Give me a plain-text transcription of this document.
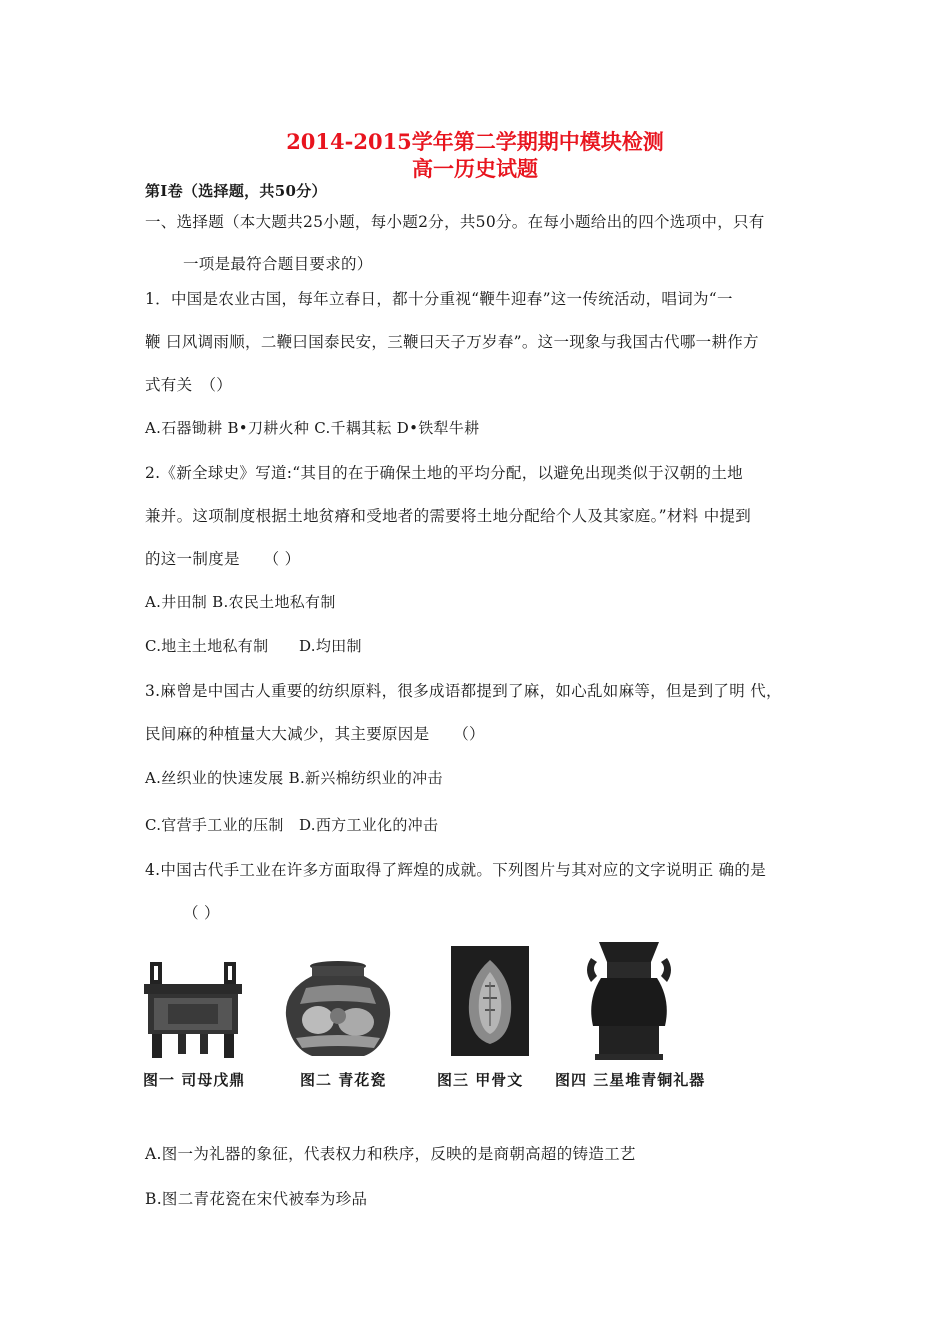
2014-2015学年第二学期期中模块检测
高一历史试题
第Ⅰ卷（选择题，共50分）
一、选择题（本大题共25小题，每小题2分，共50分。在每小题给出的四个选项中，只有
一项是最符合题目要求的）
1．中国是农业古国，每年立春日，都十分重视“鞭牛迎春”这一传统活动，唱词为“一
鞭 曰风调雨顺，二鞭曰国泰民安，三鞭曰天子万岁春”。这一现象与我国古代哪一耕作方
式有关　（）
A.石器锄耕 B•刀耕火种 C.千耦其耘 D•铁犁牛耕
2.《新全球史》写道:“其目的在于确保土地的平均分配，以避免出现类似于汉朝的土地
兼并。这项制度根据土地贫瘠和受地者的需要将土地分配给个人及其家庭。”材料 中提到
的这一制度是　　（ ）
A.井田制 B.农民土地私有制
C.地主土地私有制　　D.均田制
3.麻曾是中国古人重要的纺织原料，很多成语都提到了麻，如心乱如麻等，但是到了明 代，
民间麻的种植量大大减少，其主要原因是　　（）
A.丝织业的快速发展 B.新兴棉纺织业的冲击
C.官营手工业的压制　D.西方工业化的冲击
4.中国古代手工业在许多方面取得了辉煌的成就。下列图片与其对应的文字说明正 确的是
（ ）
图一 司母戊鼎	图二 青花瓷	图三 甲骨文 图四 三星堆青铜礼器
A.图一为礼器的象征，代表权力和秩序，反映的是商朝高超的铸造工艺
B.图二青花瓷在宋代被奉为珍品
